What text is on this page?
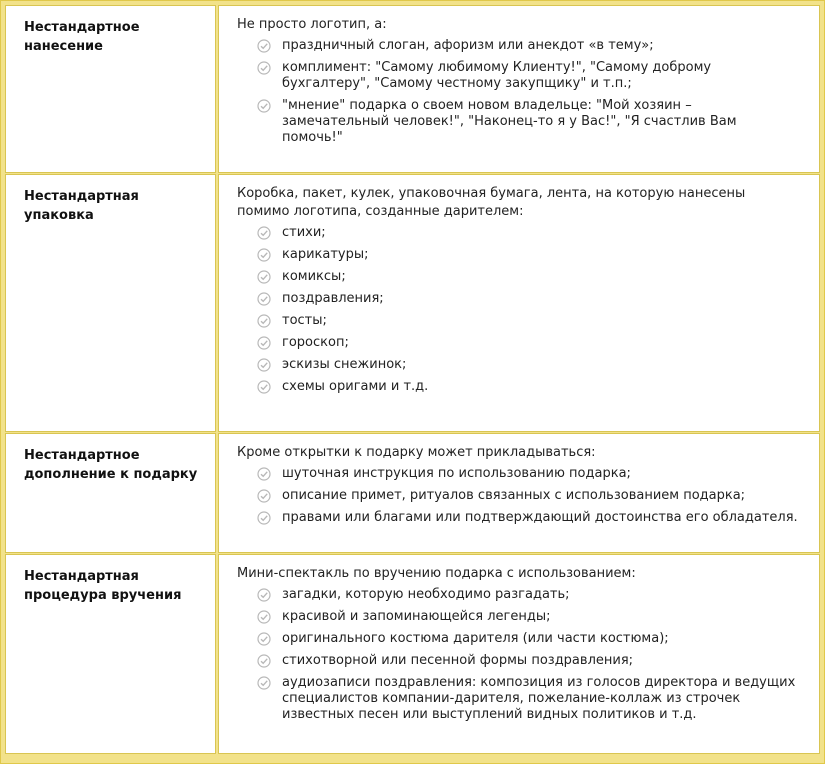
Нестандартное нанесение

Не просто логотип, а:

праздничный слоган, афоризм или анекдот «в тему»;
комплимент: "Самому любимому Клиенту!", "Самому доброму бухгалтеру", "Самому честному закупщику" и т.п.;
"мнение" подарка о своем новом владельце: "Мой хозяин – замечательный человек!", "Наконец-то я у Вас!", "Я счастлив Вам помочь!"
Нестандартная упаковка

Коробка, пакет, кулек, упаковочная бумага, лента, на которую нанесены помимо логотипа, созданные дарителем:

стихи;
карикатуры;
комиксы;
поздравления;
тосты;
гороскоп;
эскизы снежинок;
схемы оригами и т.д.
Нестандартное дополнение к подарку

Кроме открытки к подарку может прикладываться:

шуточная инструкция по использованию подарка;
описание примет, ритуалов связанных с использованием подарка;
правами или благами или подтверждающий достоинства его обладателя.
Нестандартная процедура вручения

Мини-спектакль по вручению подарка с использованием:

загадки, которую необходимо разгадать;
красивой и запоминающейся легенды;
оригинального костюма дарителя (или части костюма);
стихотворной или песенной формы поздравления;
аудиозаписи поздравления: композиция из голосов директора и ведущих специалистов компании-дарителя, пожелание-коллаж из строчек известных песен или выступлений видных политиков и т.д.
